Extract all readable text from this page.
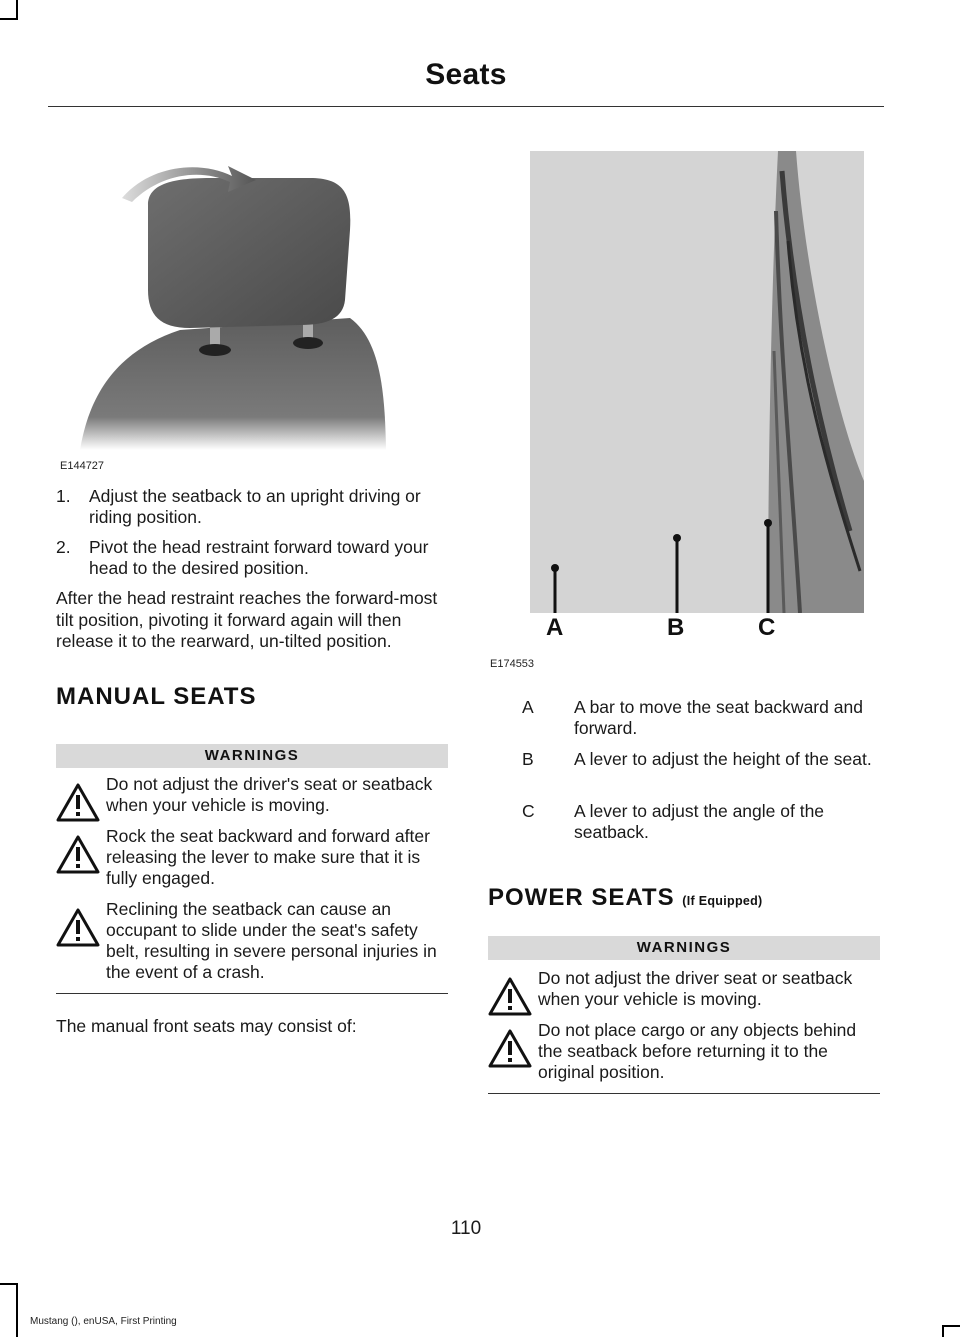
Seats
E144727
1. Adjust the seatback to an upright driving or riding position.
2. Pivot the head restraint forward toward your head to the desired position.

After the head restraint reaches the forward-most tilt position, pivoting it forward again will then release it to the rearward, un-tilted position.

MANUAL SEATS
WARNINGS
Do not adjust the driver's seat or seatback when your vehicle is moving.
Rock the seat backward and forward after releasing the lever to make sure that it is fully engaged.
Reclining the seatback can cause an occupant to slide under the seat's safety belt, resulting in severe personal injuries in the event of a crash.

The manual front seats may consist of:

A	B	C
E174553
A A bar to move the seat backward and forward.
B A lever to adjust the height of the seat.
C A lever to adjust the angle of the seatback.
POWER SEATS (If Equipped)
WARNINGS
Do not adjust the driver seat or seatback when your vehicle is moving.
Do not place cargo or any objects behind the seatback before returning it to the original position.
110
Mustang (), enUSA, First Printing
